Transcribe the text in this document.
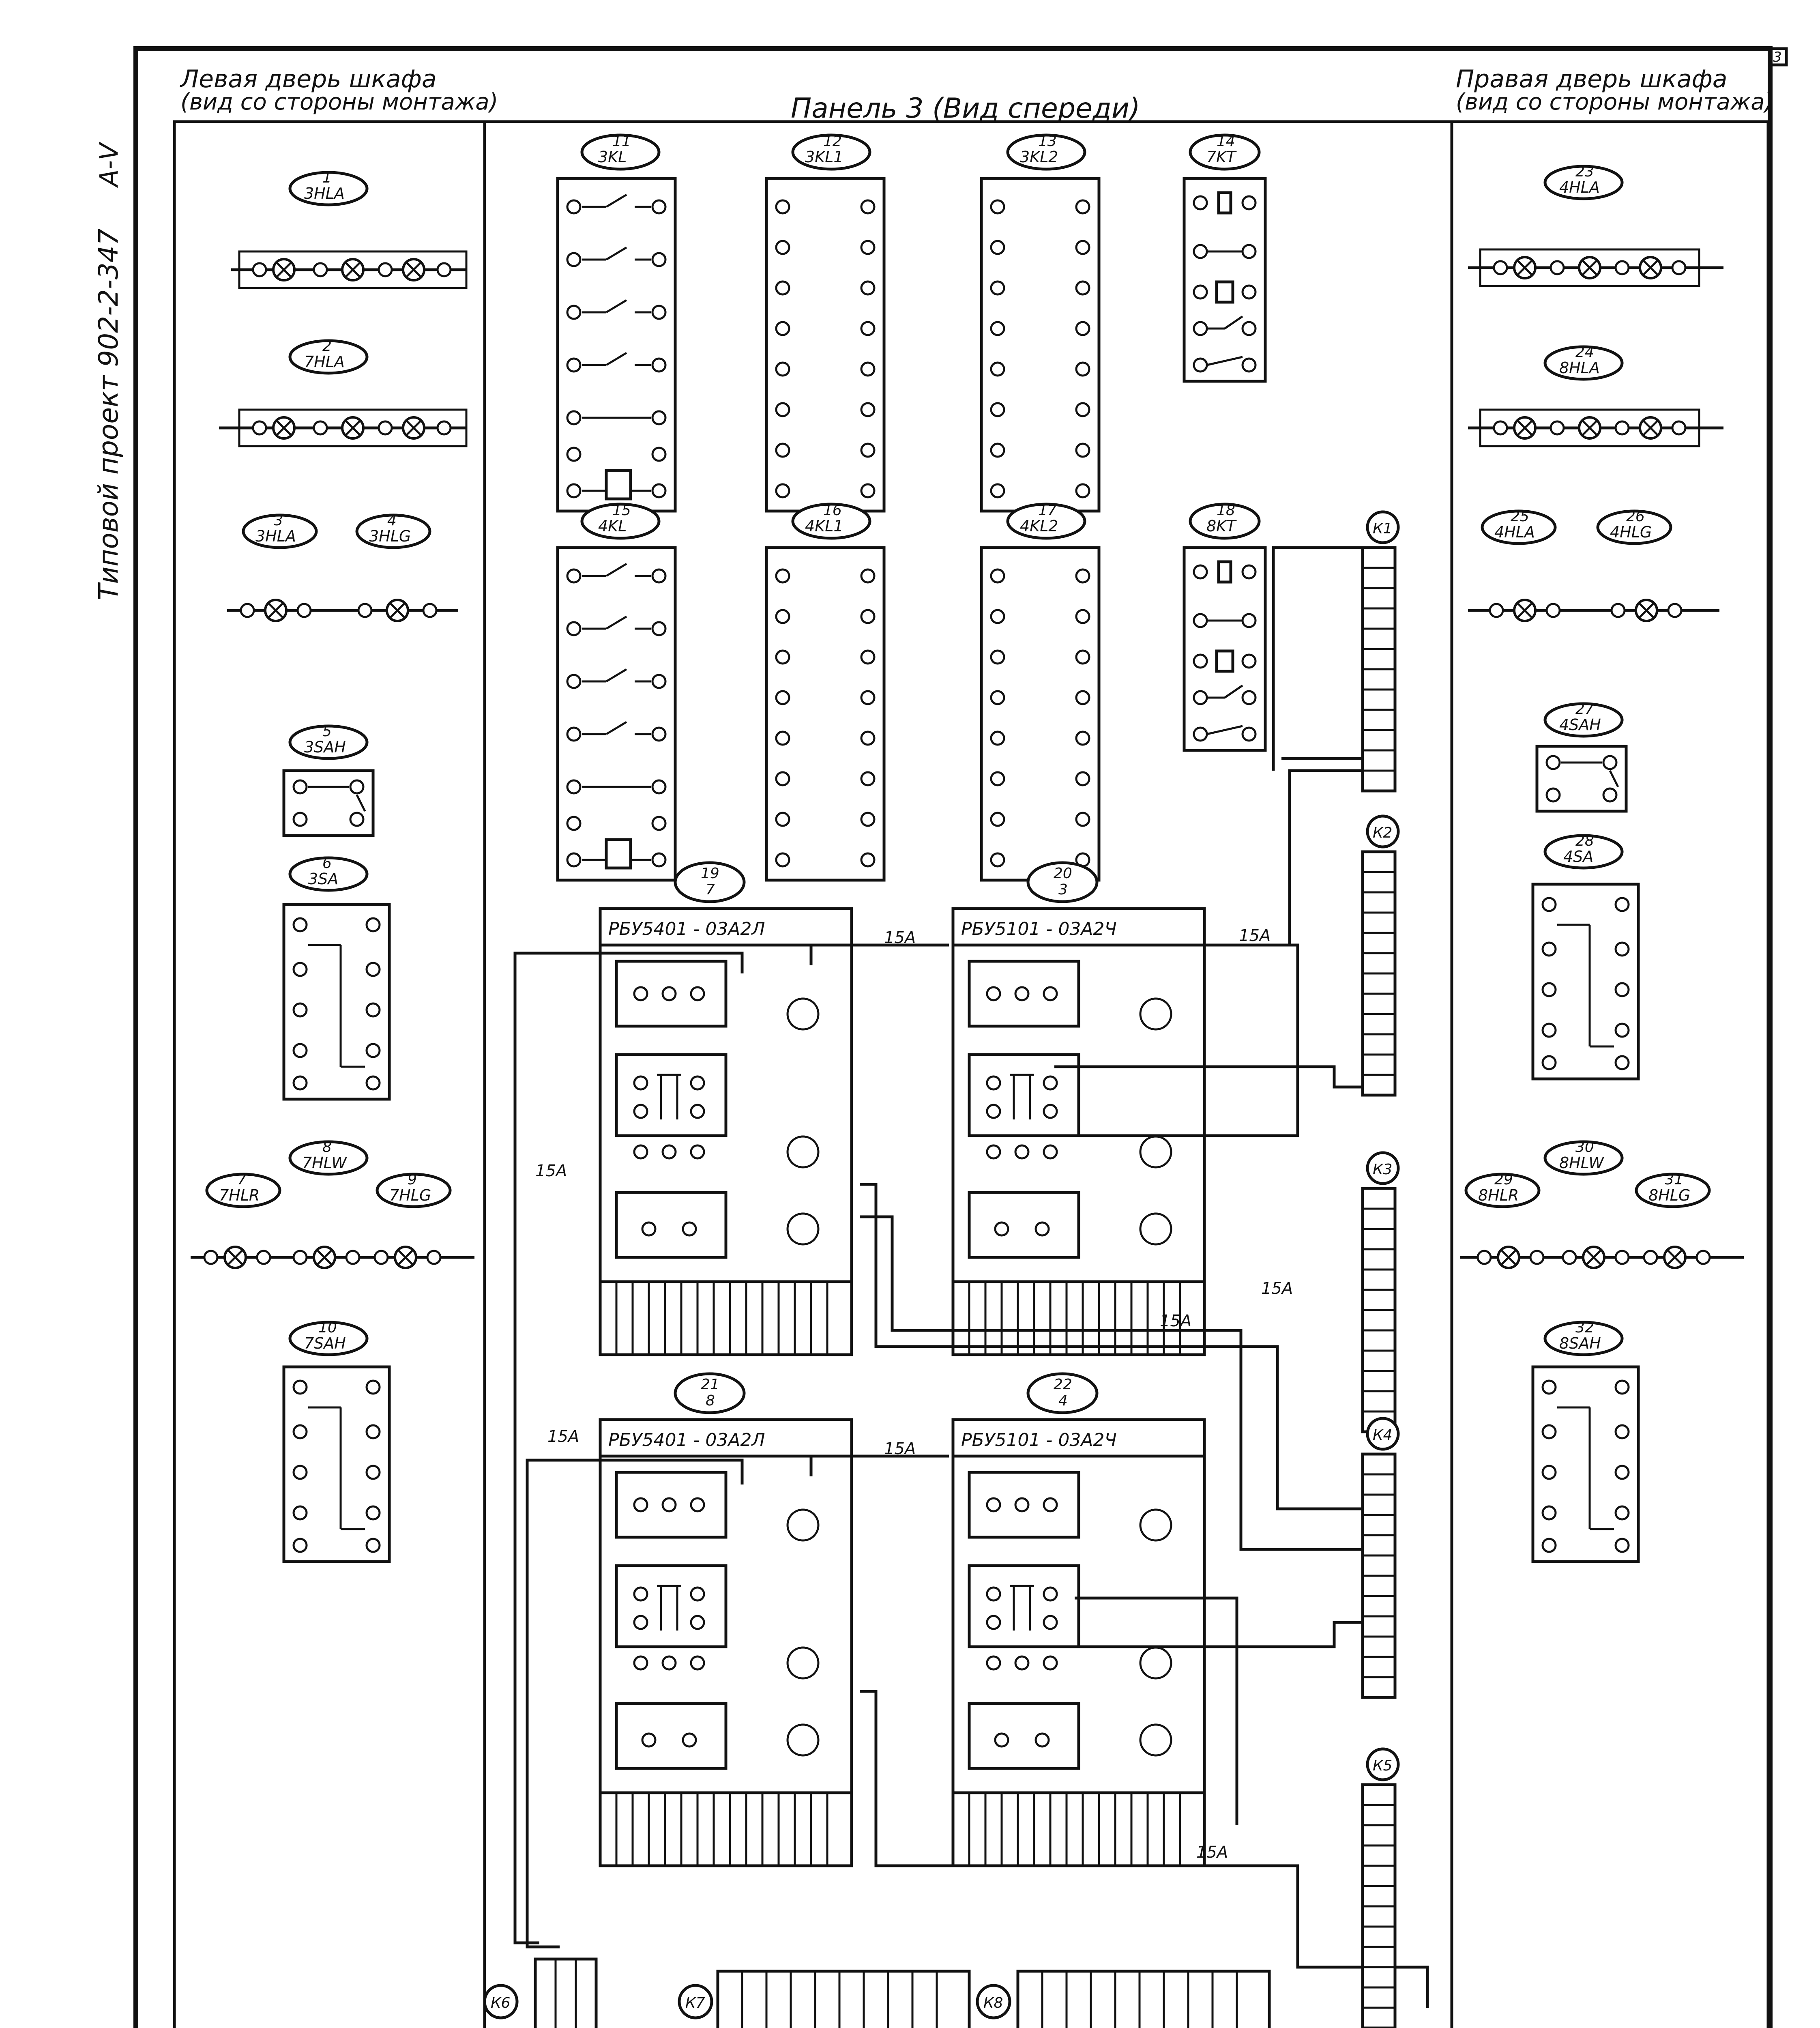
3
А-V
Типовой проект 902-2-347
Левая дверь шкафа
(вид со стороны монтажа)	Панель 3 (Вид спереди)
Правая дверь шкафа
(вид со стороны монтажа)
1
3HLA
2
7HLA
3
3HLA
4
3HLG
5
3SAH
6
3SA
7
7HLR
8
7HLW
9
7HLG
10
7SAH
11
3KL
12
3KL1
13
3KL2
14
7KT
15
4KL
16
4KL1
17
4KL2
18
8KT
19
7
РБУ5401 - 03А2Л
20
3
РБУ5101 - 03А2Ч
21
8
РБУ5401 - 03А2Л
22
4
РБУ5101 - 03А2Ч
23
4HLA
24
8HLA
25
4HLA
26
4HLG
27
4SAH
28
4SA
29
8HLR
30
8HLW
31
8HLG
32
8SAH
К1
К2
К3
К4
К5
К6	К7	К8
15А	15А
15А
15А
15А
15А
15А
15А
